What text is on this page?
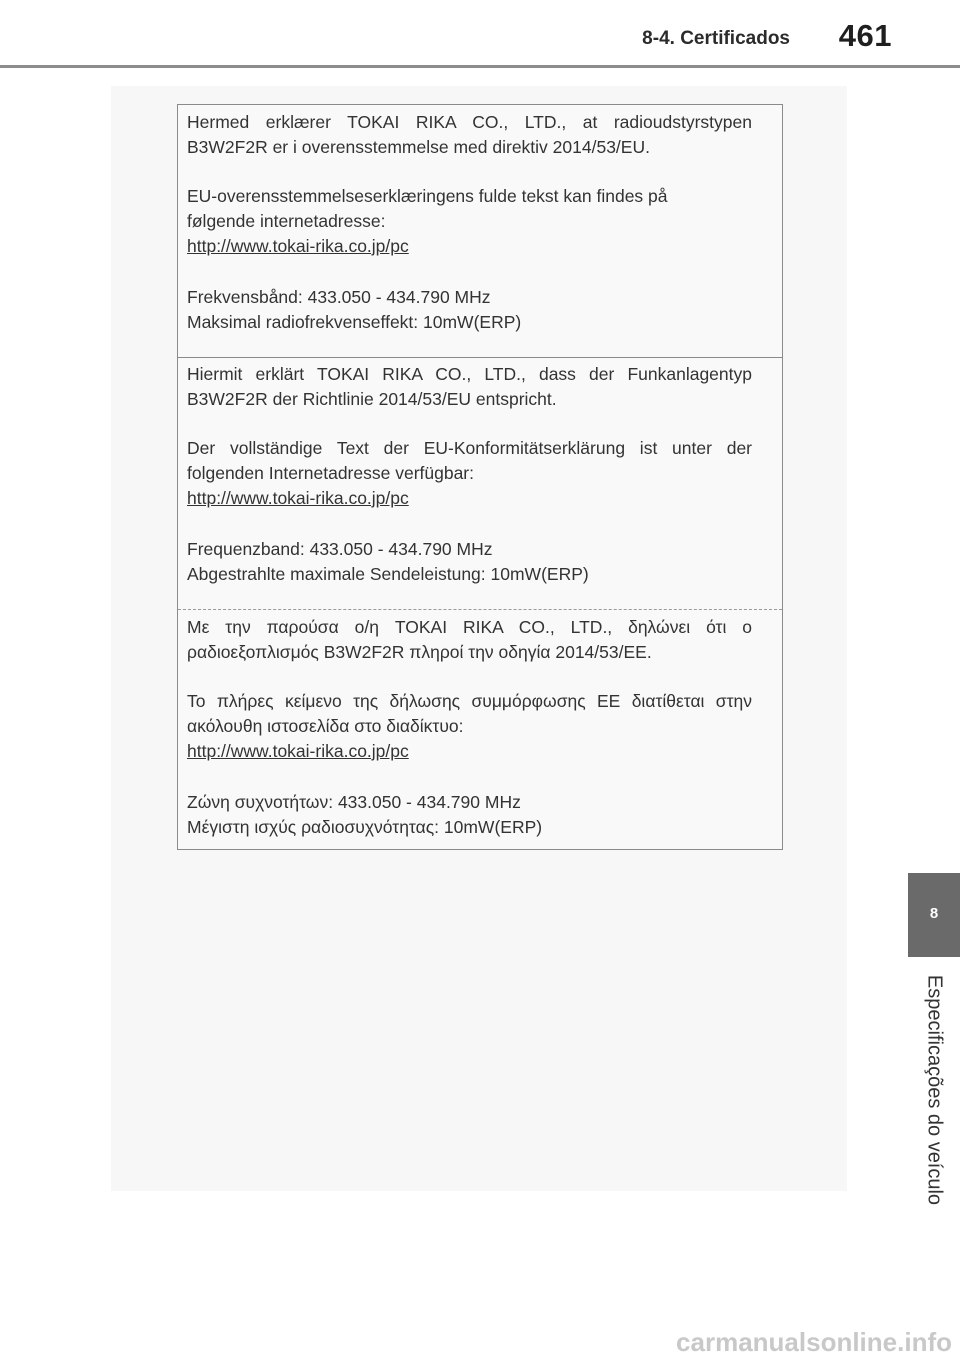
8-4. Certificados 461
Hermed erklærer TOKAI RIKA CO., LTD., at radioudstyrstypen
B3W2F2R er i overensstemmelse med direktiv 2014/53/EU.
EU-overensstemmelseserklæringens fulde tekst kan findes på
følgende internetadresse:
http://www.tokai-rika.co.jp/pc
Frekvensbånd: 433.050 - 434.790 MHz
Maksimal radiofrekvenseffekt: 10mW(ERP)
Hiermit erklärt TOKAI RIKA CO., LTD., dass der Funkanlagentyp
B3W2F2R der Richtlinie 2014/53/EU entspricht.
Der vollständige Text der EU-Konformitätserklärung ist unter der
folgenden Internetadresse verfügbar:
http://www.tokai-rika.co.jp/pc
Frequenzband: 433.050 - 434.790 MHz
Abgestrahlte maximale Sendeleistung: 10mW(ERP)
Με την παρούσα ο/η TOKAI RIKA CO., LTD., δηλώνει ότι ο
ραδιοεξοπλισμός B3W2F2R πληροί την οδηγία 2014/53/ΕΕ.
Το πλήρες κείμενο της δήλωσης συμμόρφωσης ΕΕ διατίθεται στην
ακόλουθη ιστοσελίδα στο διαδίκτυο:
http://www.tokai-rika.co.jp/pc
Ζώνη συχνοτήτων: 433.050 - 434.790 MHz
Μέγιστη ισχύς ραδιοσυχνότητας: 10mW(ERP)
8
Especificações do veículo
carmanualsonline.info
